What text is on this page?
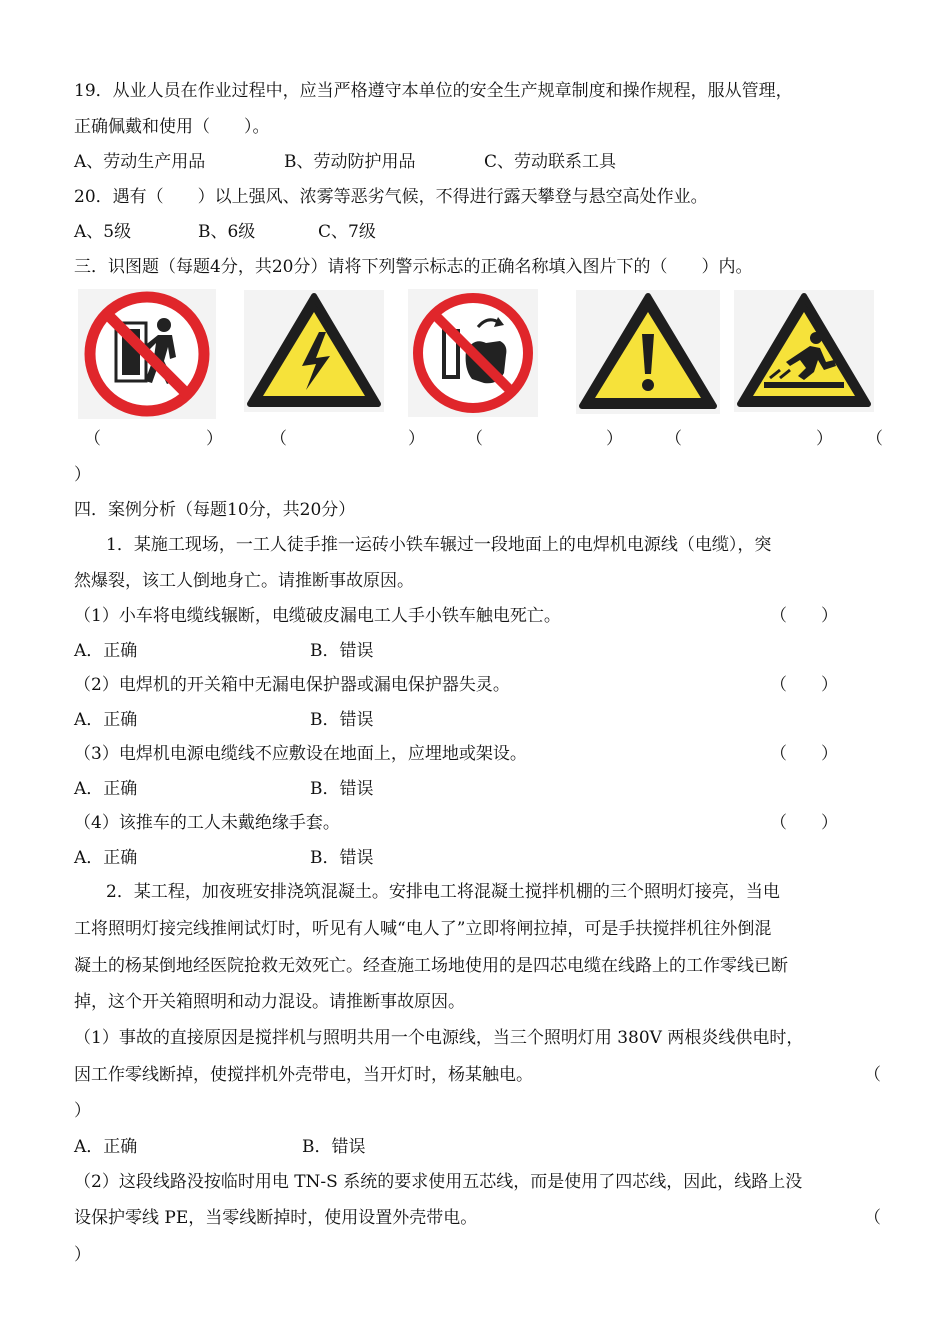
19．从业人员在作业过程中，应当严格遵守本单位的安全生产规章制度和操作规程，服从管理，
正确佩戴和使用（　　）。
A、劳动生产用品	B、劳动防护用品	C、劳动联系工具
20．遇有（　　）以上强风、浓雾等恶劣气候，不得进行露天攀登与悬空高处作业。
A、5级	B、6级	C、7级
三．识图题（每题4分，共20分）请将下列警示标志的正确名称填入图片下的（　　）内。
（	）	（	） （	） （	） （
）
四．案例分析（每题10分，共20分）
1．某施工现场，一工人徒手推一运砖小铁车辗过一段地面上的电焊机电源线（电缆），突
然爆裂，该工人倒地身亡。请推断事故原因。
（1）小车将电缆线辗断，电缆破皮漏电工人手小铁车触电死亡。	（　　）
A．正确	B．错误
（2）电焊机的开关箱中无漏电保护器或漏电保护器失灵。	（　　）
A．正确	B．错误
（3）电焊机电源电缆线不应敷设在地面上，应埋地或架设。	（　　）
A．正确	B．错误
（4）该推车的工人未戴绝缘手套。	（　　）
A．正确	B．错误
2．某工程，加夜班安排浇筑混凝土。安排电工将混凝土搅拌机棚的三个照明灯接亮，当电
工将照明灯接完线推闸试灯时，听见有人喊“电人了”立即将闸拉掉，可是手扶搅拌机往外倒混
凝土的杨某倒地经医院抢救无效死亡。经查施工场地使用的是四芯电缆在线路上的工作零线已断
掉，这个开关箱照明和动力混设。请推断事故原因。
（1）事故的直接原因是搅拌机与照明共用一个电源线，当三个照明灯用 380V 两根炎线供电时，
因工作零线断掉，使搅拌机外壳带电，当开灯时，杨某触电。	（
）
A．正确	B．错误
（2）这段线路没按临时用电 TN-S 系统的要求使用五芯线，而是使用了四芯线，因此，线路上没
设保护零线 PE，当零线断掉时，使用设置外壳带电。	（
）
